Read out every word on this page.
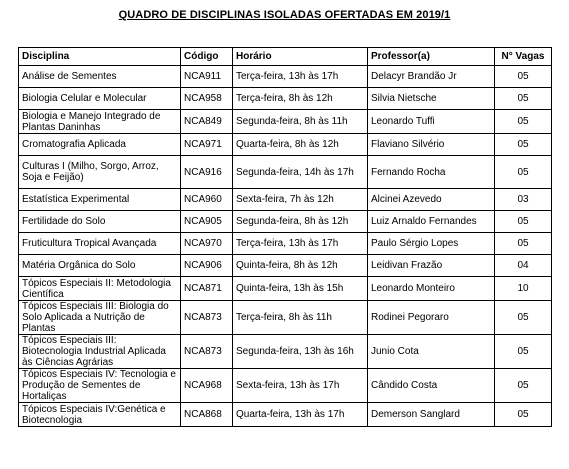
QUADRO DE DISCIPLINAS ISOLADAS OFERTADAS EM 2019/1
Disciplina	Código	Horário	Professor(a)	N° Vagas
Análise de Sementes	NCA911	Terça-feira, 13h às 17h	Delacyr Brandão Jr	05
Biologia Celular e Molecular	NCA958	Terça-feira, 8h às 12h	Silvia Nietsche	05
Biologia e Manejo Integrado de Plantas Daninhas	NCA849	Segunda-feira, 8h às 11h	Leonardo Tuffi	05
Cromatografia Aplicada	NCA971	Quarta-feira, 8h às 12h	Flaviano Silvério	05
Culturas I (Milho, Sorgo, Arroz, Soja e Feijão)	NCA916	Segunda-feira, 14h às 17h	Fernando Rocha	05
Estatística Experimental	NCA960	Sexta-feira, 7h às 12h	Alcinei Azevedo	03
Fertilidade do Solo	NCA905	Segunda-feira, 8h às 12h	Luiz Arnaldo Fernandes	05
Fruticultura Tropical Avançada	NCA970	Terça-feira, 13h às 17h	Paulo Sérgio Lopes	05
Matéria Orgânica do Solo	NCA906	Quinta-feira, 8h às 12h	Leidivan Frazão	04
Tópicos Especiais II: Metodologia Científica	NCA871	Quinta-feira, 13h às 15h	Leonardo Monteiro	10
Tópicos Especiais III: Biologia do Solo Aplicada a Nutrição de Plantas	NCA873	Terça-feira, 8h às 11h	Rodinei Pegoraro	05
Tópicos Especiais III: Biotecnologia Industrial Aplicada às Ciências Agrárias	NCA873	Segunda-feira, 13h às 16h	Junio Cota	05
Tópicos Especiais IV: Tecnologia e Produção de Sementes de Hortaliças	NCA968	Sexta-feira, 13h às 17h	Cândido Costa	05
Tópicos Especiais IV:Genética e Biotecnologia	NCA868	Quarta-feira, 13h às 17h	Demerson Sanglard	05
